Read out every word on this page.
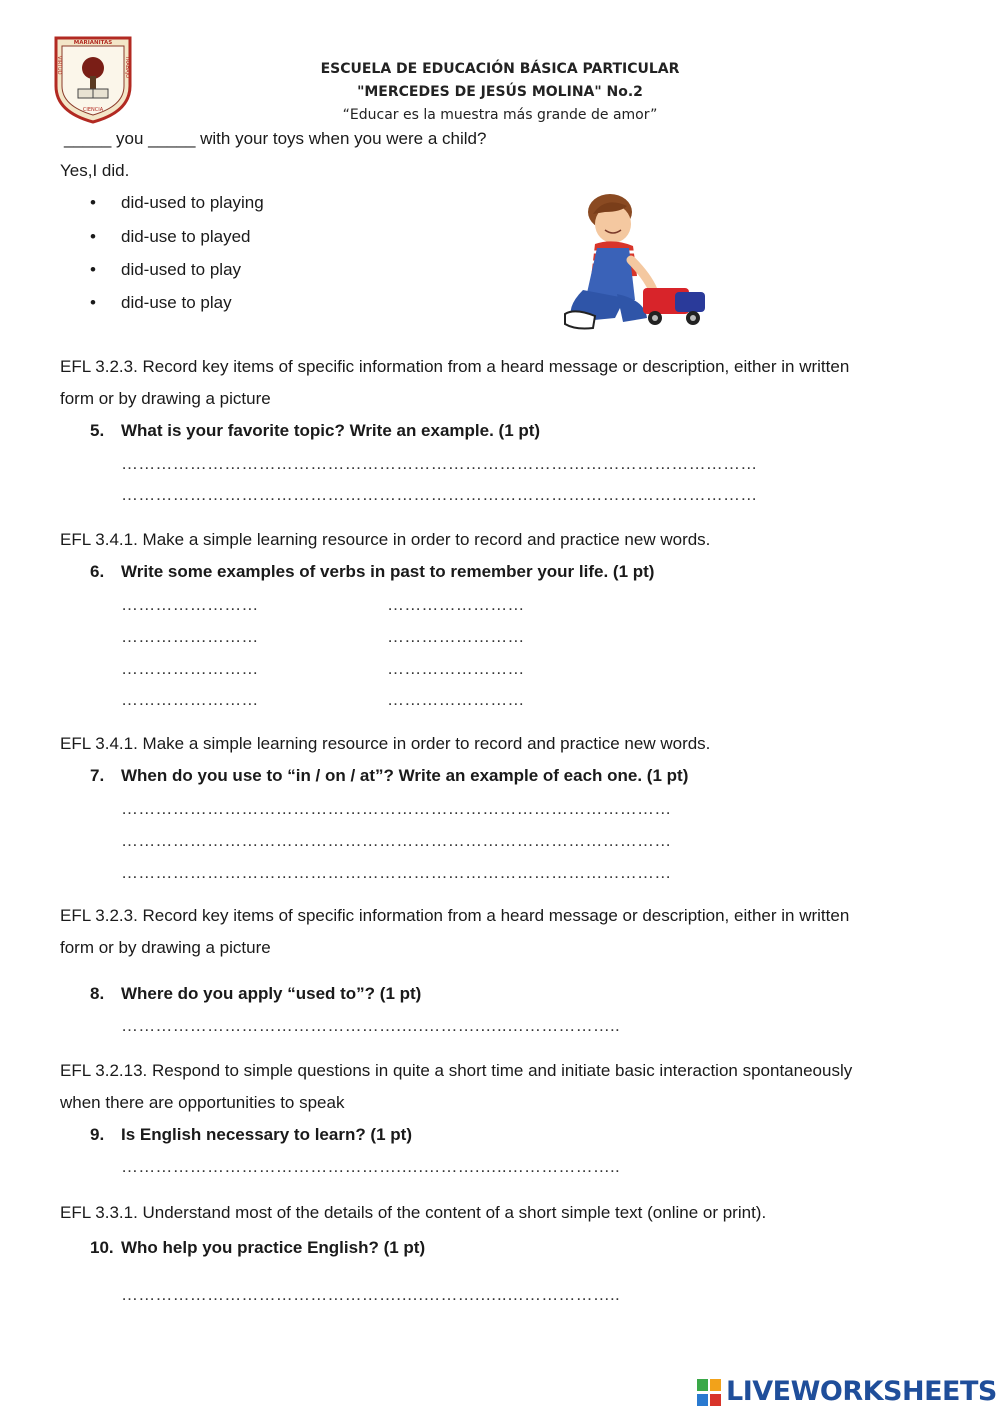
MARIANITAS
CIENCIA
VIRTUD	TRABAJO	ESCUELA DE EDUCACIÓN BÁSICA PARTICULAR
"MERCEDES DE JESÚS MOLINA" No.2
“Educar es la muestra más grande de amor”
_____ you _____ with your toys when you were a child?
Yes,I did.
• did-used to playing
• did-use to played
• did-used to play
• did-use to play
EFL 3.2.3. Record key items of specific information from a heard message or description, either in written
form or by drawing a picture
5. What is your favorite topic? Write an example. (1 pt)
…………………………………………………………………………………………………
…………………………………………………………………………………………………
EFL 3.4.1. Make a simple learning resource in order to record and practice new words.
6. Write some examples of verbs in past to remember your life. (1 pt)
……………………	……………………
……………………	……………………
……………………	……………………
……………………	……………………
EFL 3.4.1. Make a simple learning resource in order to record and practice new words.
7. When do you use to “in / on / at”? Write an example of each one. (1 pt)
……………………………………………………………………………………
……………………………………………………………………………………
……………………………………………………………………………………
EFL 3.2.3. Record key items of specific information from a heard message or description, either in written
form or by drawing a picture
8. Where do you apply “used to”? (1 pt)
………………………………………….….……….…..………………..
EFL 3.2.13. Respond to simple questions in quite a short time and initiate basic interaction spontaneously
when there are opportunities to speak
9. Is English necessary to learn? (1 pt)
………………………………………….….……….…..………………..
EFL 3.3.1. Understand most of the details of the content of a short simple text (online or print).
10. Who help you practice English? (1 pt)
………………………………………….….……….…..………………..
LIVEWORKSHEETS
